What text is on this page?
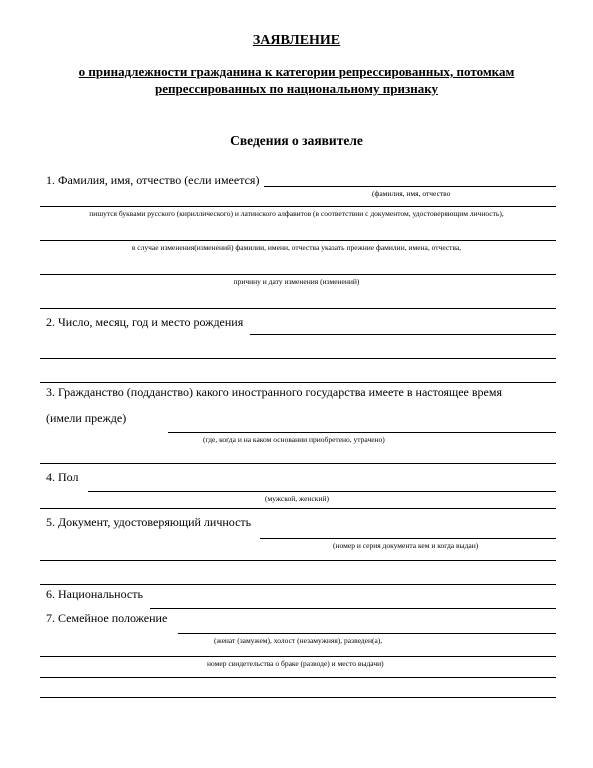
ЗАЯВЛЕНИЕ
о принадлежности гражданина к категории репрессированных, потомкам
репрессированных по национальному признаку
Сведения о заявителе
1. Фамилия, имя, отчество (если имеется)
(фамилия, имя, отчество
пишутся буквами русского (кириллического) и латинского алфавитов (в соответствии с документом, удостоверяющим личность),
в случае изменения(изменений) фамилии, имени, отчества указать прежние фамилии, имена, отчества,
причину и дату изменения (изменений)
2. Число, месяц, год и место рождения
3. Гражданство (подданство) какого иностранного государства имеете в настоящее время
(имели прежде)
(где, когда и на каком основании приобретено, утрачено)
4. Пол
(мужской, женский)
5. Документ, удостоверяющий личность
(номер и серия документа кем и когда выдан)
6. Национальность
7. Семейное положение
(женат (замужем), холост (незамужняя), разведен(а),
номер свидетельства о браке (разводе) и место выдачи)
